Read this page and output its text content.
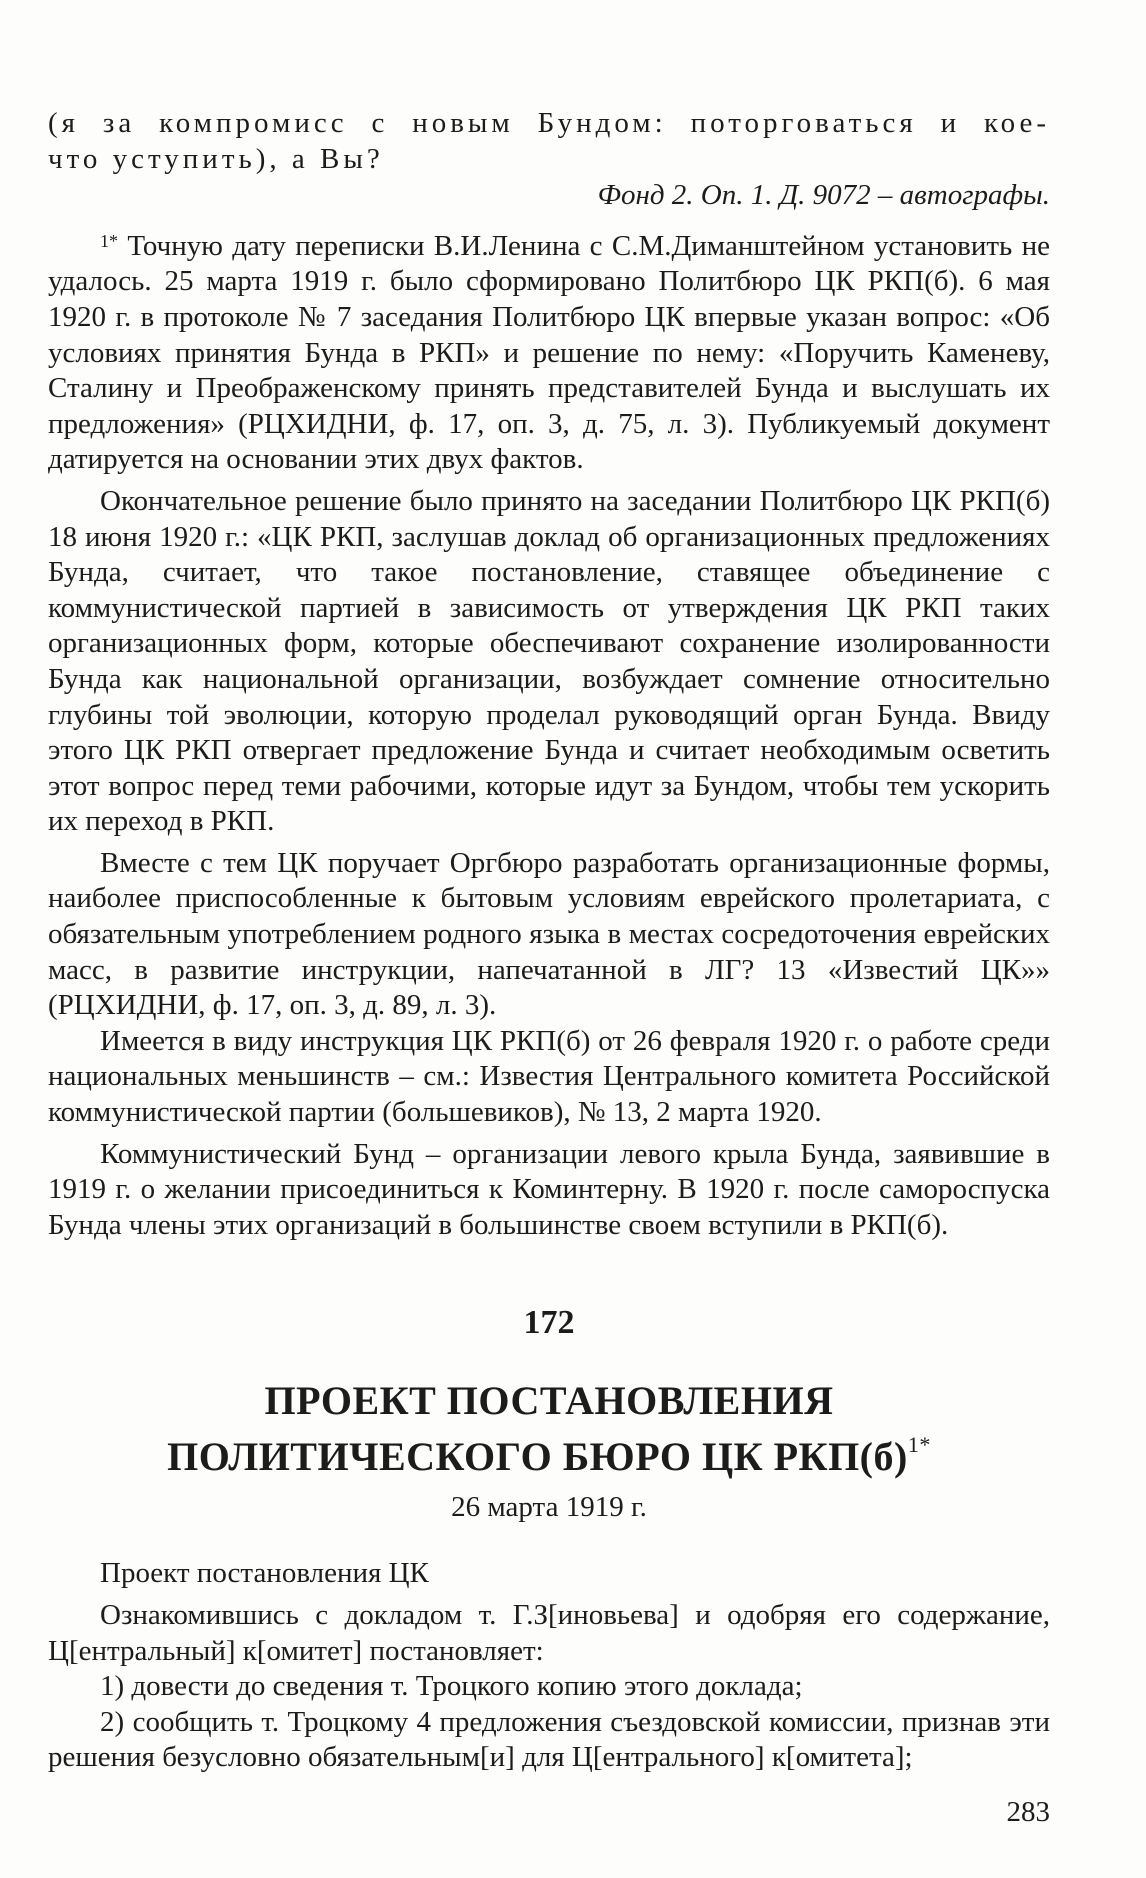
(я за компромисс с новым Бундом: поторговаться и кое-

что уступить), а Вы?

Фонд 2. Оп. 1. Д. 9072 – автографы.

$^{1*}$ Точную дату переписки В.И.Ленина с С.М.Диманштейном установить не удалось. 25 марта 1919 г. было сформировано Политбюро ЦК РКП(б). 6 мая 1920 г. в протоколе № 7 заседания Политбюро ЦК впервые указан вопрос: «Об условиях принятия Бунда в РКП» и решение по нему: «Поручить Каменеву, Сталину и Преображенскому принять представителей Бунда и выслушать их предложения» (РЦХИДНИ, ф. 17, оп. 3, д. 75, л. 3). Публикуемый документ датируется на основании этих двух фактов.

Окончательное решение было принято на заседании Политбюро ЦК РКП(б) 18 июня 1920 г.: «ЦК РКП, заслушав доклад об организационных предложениях Бунда, считает, что такое постановление, ставящее объединение с коммунистической партией в зависимость от утверждения ЦК РКП таких организационных форм, которые обеспечивают сохранение изолированности Бунда как национальной организации, возбуждает сомнение относительно глубины той эволюции, которую проделал руководящий орган Бунда. Ввиду этого ЦК РКП отвергает предложение Бунда и считает необходимым осветить этот вопрос перед теми рабочими, которые идут за Бундом, чтобы тем ускорить их переход в РКП.

Вместе с тем ЦК поручает Оргбюро разработать организационные формы, наиболее приспособленные к бытовым условиям еврейского пролетариата, с обязательным употреблением родного языка в местах сосредоточения еврейских масс, в развитие инструкции, напечатанной в ЛГ? 13 «Известий ЦК»» (РЦХИДНИ, ф. 17, оп. 3, д. 89, л. 3).

Имеется в виду инструкция ЦК РКП(б) от 26 февраля 1920 г. о работе среди национальных меньшинств – см.: Известия Центрального комитета Российской коммунистической партии (большевиков), № 13, 2 марта 1920.

Коммунистический Бунд – организации левого крыла Бунда, заявившие в 1919 г. о желании присоединиться к Коминтерну. В 1920 г. после самороспуска Бунда члены этих организаций в большинстве своем вступили в РКП(б).

172
ПРОЕКТ ПОСТАНОВЛЕНИЯ
ПОЛИТИЧЕСКОГО БЮРО ЦК $РКП(б)^{1*}$
26 марта 1919 г.

Проект постановления ЦК

Ознакомившись с докладом т. Г.З[иновьева] и одобряя его содержание, Ц[ентральный] к[омитет] постановляет:

1) довести до сведения т. Троцкого копию этого доклада;

2) сообщить т. Троцкому 4 предложения съездовской комиссии, признав эти решения безусловно обязательным[и] для Ц[ентрального] к[омитета];

283
